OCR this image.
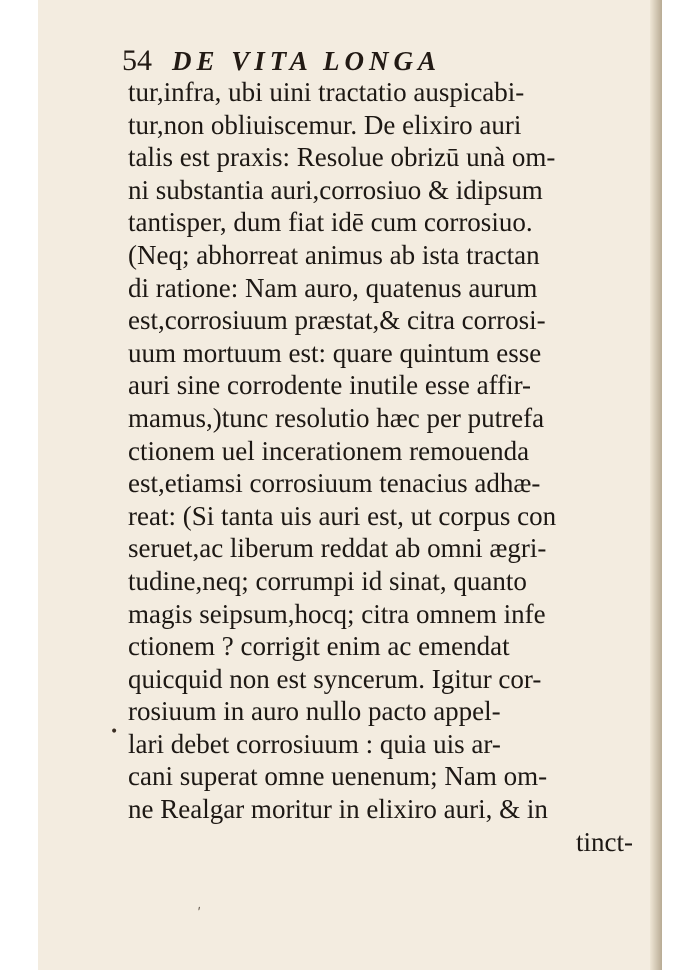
54 DE VITA LONGA
tur,infra, ubi uini tractatio auspicabi-
tur,non obliuiscemur. De elixiro auri
talis est praxis: Resolue obrizū unà om-
ni substantia auri,corrosiuo & idipsum
tantisper, dum fiat idē cum corrosiuo.
(Neq; abhorreat animus ab ista tractan
di ratione: Nam auro, quatenus aurum
est,corrosiuum præstat,& citra corrosi-
uum mortuum est: quare quintum esse
auri sine corrodente inutile esse affir-
mamus,)tunc resolutio hæc per putrefa
ctionem uel incerationem remouenda
est,etiamsi corrosiuum tenacius adhæ-
reat: (Si tanta uis auri est, ut corpus con
seruet,ac liberum reddat ab omni ægri-
tudine,neq; corrumpi id sinat, quanto
magis seipsum,hocq; citra omnem infe
ctionem ? corrigit enim ac emendat
quicquid non est syncerum. Igitur cor-
rosiuum in auro nullo pacto appel-
lari debet corrosiuum : quia uis ar-
cani superat omne uenenum; Nam om-
ne Realgar moritur in elixiro auri, & in
tinct-
•
ˊ
